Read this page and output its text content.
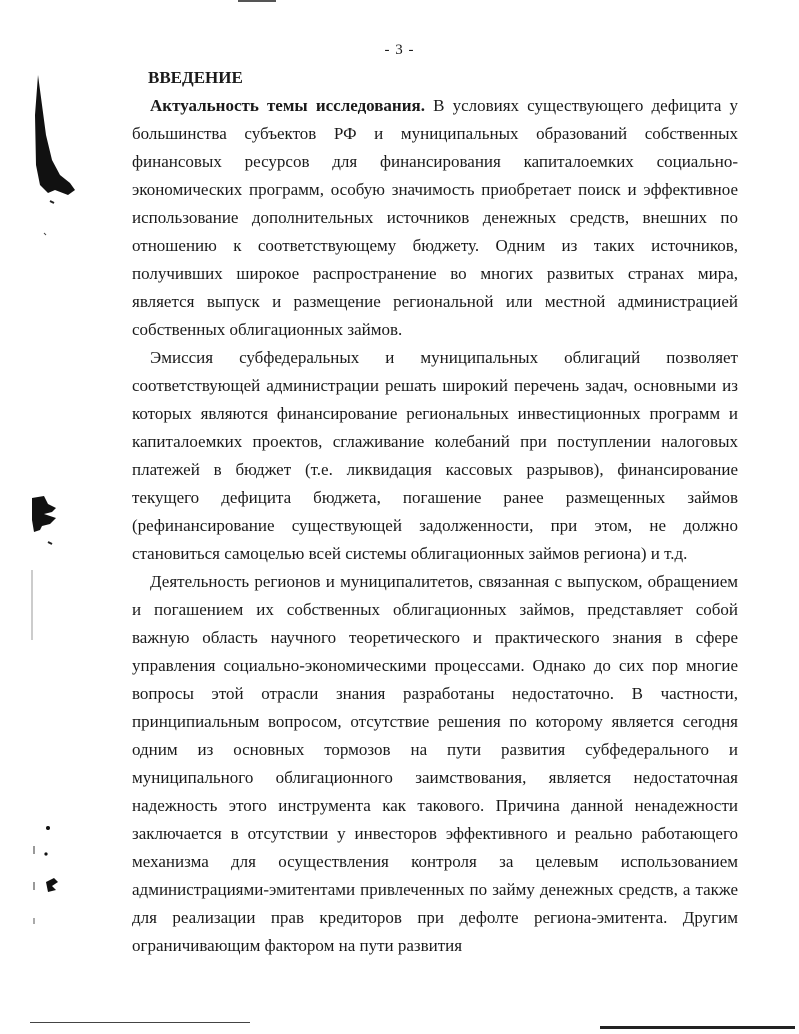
- 3 -
ВВЕДЕНИЕ

Актуальность темы исследования. В условиях существующего дефицита у большинства субъектов РФ и муниципальных образований собственных финансовых ресурсов для финансирования капиталоемких социально-экономических программ, особую значимость приобретает поиск и эффективное использование дополнительных источников денежных средств, внешних по отношению к соответствующему бюджету. Одним из таких источников, получивших широкое распространение во многих развитых странах мира, является выпуск и размещение региональной или местной администрацией собственных облигационных займов.

Эмиссия субфедеральных и муниципальных облигаций позволяет соответствующей администрации решать широкий перечень задач, основными из которых являются финансирование региональных инвестиционных программ и капиталоемких проектов, сглаживание колебаний при поступлении налоговых платежей в бюджет (т.е. ликвидация кассовых разрывов), финансирование текущего дефицита бюджета, погашение ранее размещенных займов (рефинансирование существующей задолженности, при этом, не должно становиться самоцелью всей системы облигационных займов региона) и т.д.

Деятельность регионов и муниципалитетов, связанная с выпуском, обращением и погашением их собственных облигационных займов, представляет собой важную область научного теоретического и практического знания в сфере управления социально-экономическими процессами. Однако до сих пор многие вопросы этой отрасли знания разработаны недостаточно. В частности, принципиальным вопросом, отсутствие решения по которому является сегодня одним из основных тормозов на пути развития субфедерального и муниципального облигационного заимствования, является недостаточная надежность этого инструмента как такового. Причина данной ненадежности заключается в отсутствии у инвесторов эффективного и реально работающего механизма для осуществления контроля за целевым использованием администрациями-эмитентами привлеченных по займу денежных средств, а также для реализации прав кредиторов при дефолте региона-эмитента. Другим ограничивающим фактором на пути развития
